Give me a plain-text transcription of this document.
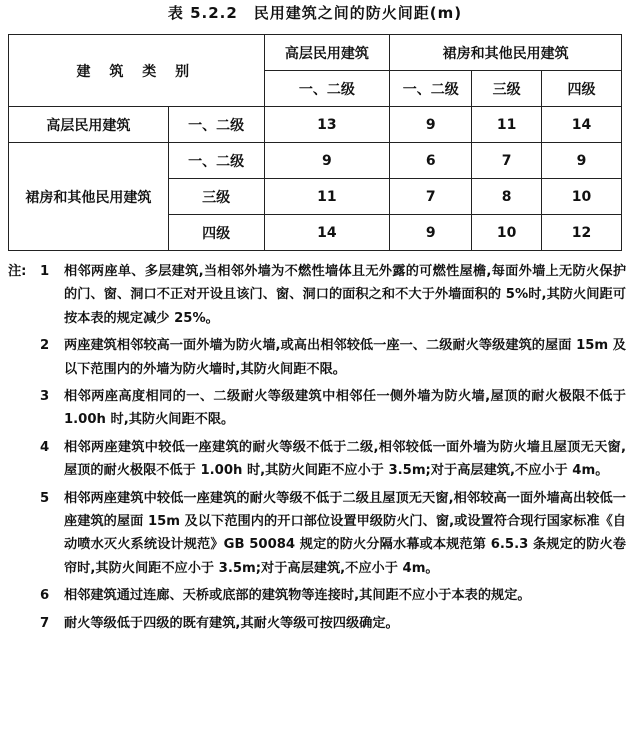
表 5.2.2　民用建筑之间的防火间距(m)
建 筑 类 别		高层民用建筑	裙房和其他民用建筑		
		一、二级	一、二级	三级	四级
高层民用建筑	一、二级	13	9	11	14
裙房和其他民用建筑	一、二级	9	6	7	9
	三级	11	7	8	10
	四级	14	9	10	12
注: 1 相邻两座单、多层建筑,当相邻外墙为不燃性墙体且无外露的可燃性屋檐,每面外墙上无防火保护的门、窗、洞口不正对开设且该门、窗、洞口的面积之和不大于外墙面积的 5%时,其防火间距可按本表的规定减少 25%。
2 两座建筑相邻较高一面外墙为防火墙,或高出相邻较低一座一、二级耐火等级建筑的屋面 15m 及以下范围内的外墙为防火墙时,其防火间距不限。
3 相邻两座高度相同的一、二级耐火等级建筑中相邻任一侧外墙为防火墙,屋顶的耐火极限不低于 1.00h 时,其防火间距不限。
4 相邻两座建筑中较低一座建筑的耐火等级不低于二级,相邻较低一面外墙为防火墙且屋顶无天窗,屋顶的耐火极限不低于 1.00h 时,其防火间距不应小于 3.5m;对于高层建筑,不应小于 4m。
5 相邻两座建筑中较低一座建筑的耐火等级不低于二级且屋顶无天窗,相邻较高一面外墙高出较低一座建筑的屋面 15m 及以下范围内的开口部位设置甲级防火门、窗,或设置符合现行国家标准《自动喷水灭火系统设计规范》GB 50084 规定的防火分隔水幕或本规范第 6.5.3 条规定的防火卷帘时,其防火间距不应小于 3.5m;对于高层建筑,不应小于 4m。
6 相邻建筑通过连廊、天桥或底部的建筑物等连接时,其间距不应小于本表的规定。
7 耐火等级低于四级的既有建筑,其耐火等级可按四级确定。
